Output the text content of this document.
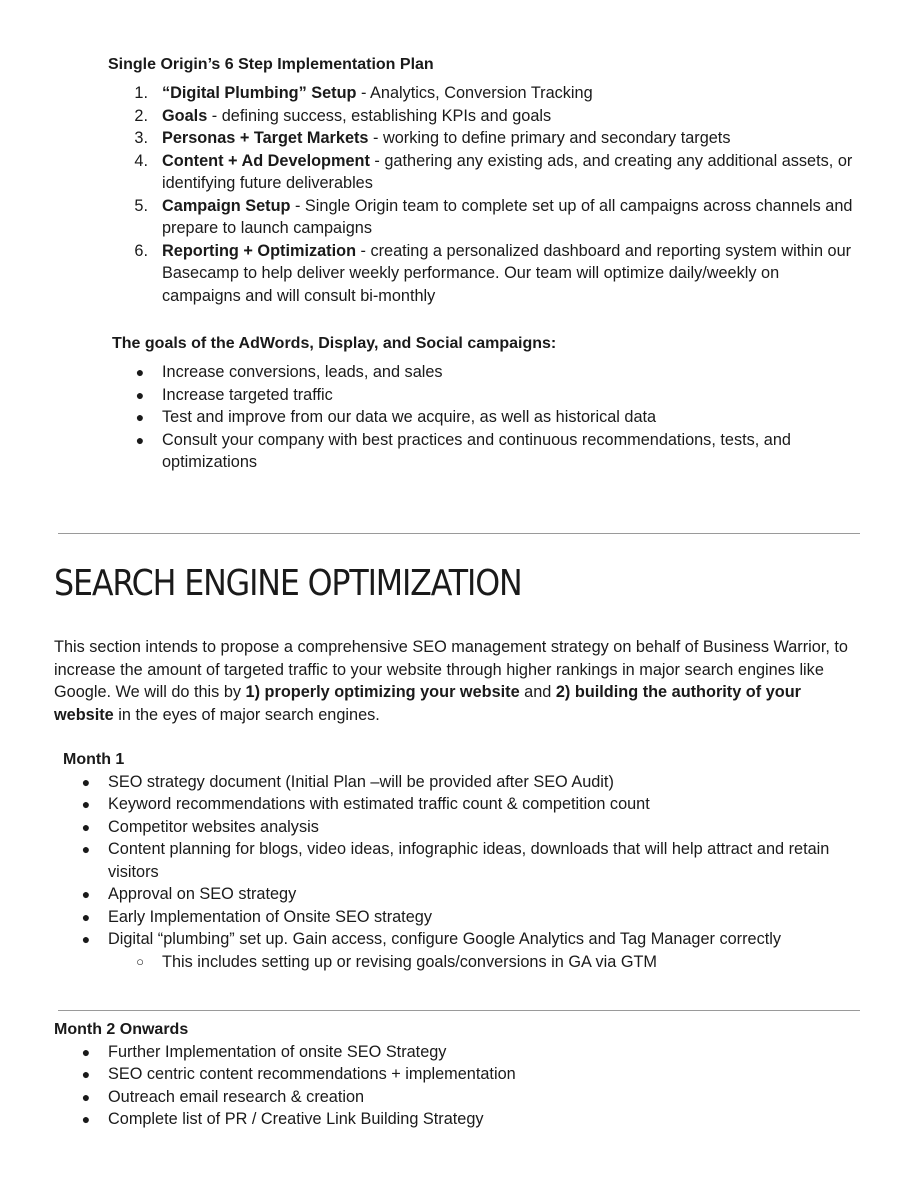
Single Origin’s 6 Step Implementation Plan
1. “Digital Plumbing” Setup - Analytics, Conversion Tracking
2. Goals - defining success, establishing KPIs and goals
3. Personas + Target Markets - working to define primary and secondary targets
4. Content + Ad Development - gathering any existing ads, and creating any additional assets, or
identifying future deliverables
5. Campaign Setup - Single Origin team to complete set up of all campaigns across channels and
prepare to launch campaigns
6. Reporting + Optimization - creating a personalized dashboard and reporting system within our
Basecamp to help deliver weekly performance. Our team will optimize daily/weekly on
campaigns and will consult bi-monthly
The goals of the AdWords, Display, and Social campaigns:
● Increase conversions, leads, and sales
● Increase targeted traffic
● Test and improve from our data we acquire, as well as historical data
● Consult your company with best practices and continuous recommendations, tests, and
optimizations
SEARCH ENGINE OPTIMIZATION
This section intends to propose a comprehensive SEO management strategy on behalf of Business Warrior, to
increase the amount of targeted traffic to your website through higher rankings in major search engines like
Google. We will do this by 1) properly optimizing your website and 2) building the authority of your
website in the eyes of major search engines.
Month 1
● SEO strategy document (Initial Plan –will be provided after SEO Audit)
● Keyword recommendations with estimated traffic count & competition count
● Competitor websites analysis
● Content planning for blogs, video ideas, infographic ideas, downloads that will help attract and retain
visitors
● Approval on SEO strategy
● Early Implementation of Onsite SEO strategy
● Digital “plumbing” set up. Gain access, configure Google Analytics and Tag Manager correctly
○ This includes setting up or revising goals/conversions in GA via GTM
Month 2 Onwards
● Further Implementation of onsite SEO Strategy
● SEO centric content recommendations + implementation
● Outreach email research & creation
● Complete list of PR / Creative Link Building Strategy
